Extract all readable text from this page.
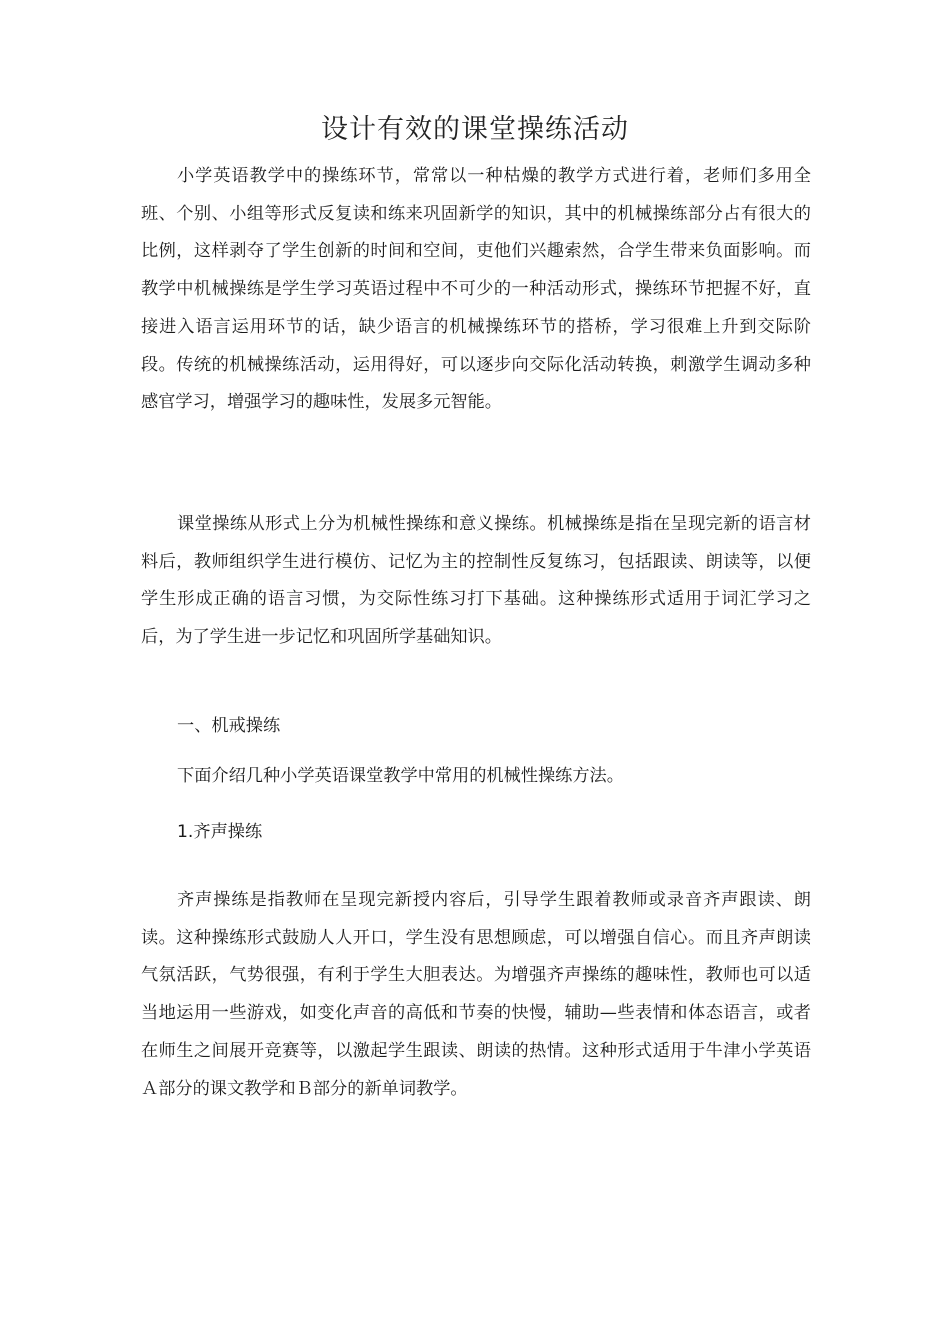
设计有效的课堂操练活动

小学英语教学中的操练环节，常常以一种枯燥的教学方式进行着，老师们多用全班、个别、小组等形式反复读和练来巩固新学的知识，其中的机械操练部分占有很大的比例，这样剥夺了学生创新的时间和空间，吏他们兴趣索然，合学生带来负面影响。而教学中机械操练是学生学习英语过程中不可少的一种活动形式，操练环节把握不好，直接进入语言运用环节的话，缺少语言的机械操练环节的搭桥，学习很难上升到交际阶段。传统的机械操练活动，运用得好，可以逐步向交际化活动转换，刺激学生调动多种感官学习，增强学习的趣味性，发展多元智能。

课堂操练从形式上分为机械性操练和意义操练。机械操练是指在呈现完新的语言材料后，教师组织学生进行模仿、记忆为主的控制性反复练习，包括跟读、朗读等，以便学生形成正确的语言习惯，为交际性练习打下基础。这种操练形式适用于词汇学习之后，为了学生进一步记忆和巩固所学基础知识。

一、机戒操练

下面介绍几种小学英语课堂教学中常用的机械性操练方法。

1.齐声操练

齐声操练是指教师在呈现完新授内容后，引导学生跟着教师或录音齐声跟读、朗读。这种操练形式鼓励人人开口，学生没有思想顾虑，可以增强自信心。而且齐声朗读气氛活跃，气势很强，有利于学生大胆表达。为增强齐声操练的趣味性，教师也可以适当地运用一些游戏，如变化声音的高低和节奏的快慢，辅助—些表情和体态语言，或者在师生之间展开竞赛等，以激起学生跟读、朗读的热情。这种形式适用于牛津小学英语Ａ部分的课文教学和Ｂ部分的新单词教学。
